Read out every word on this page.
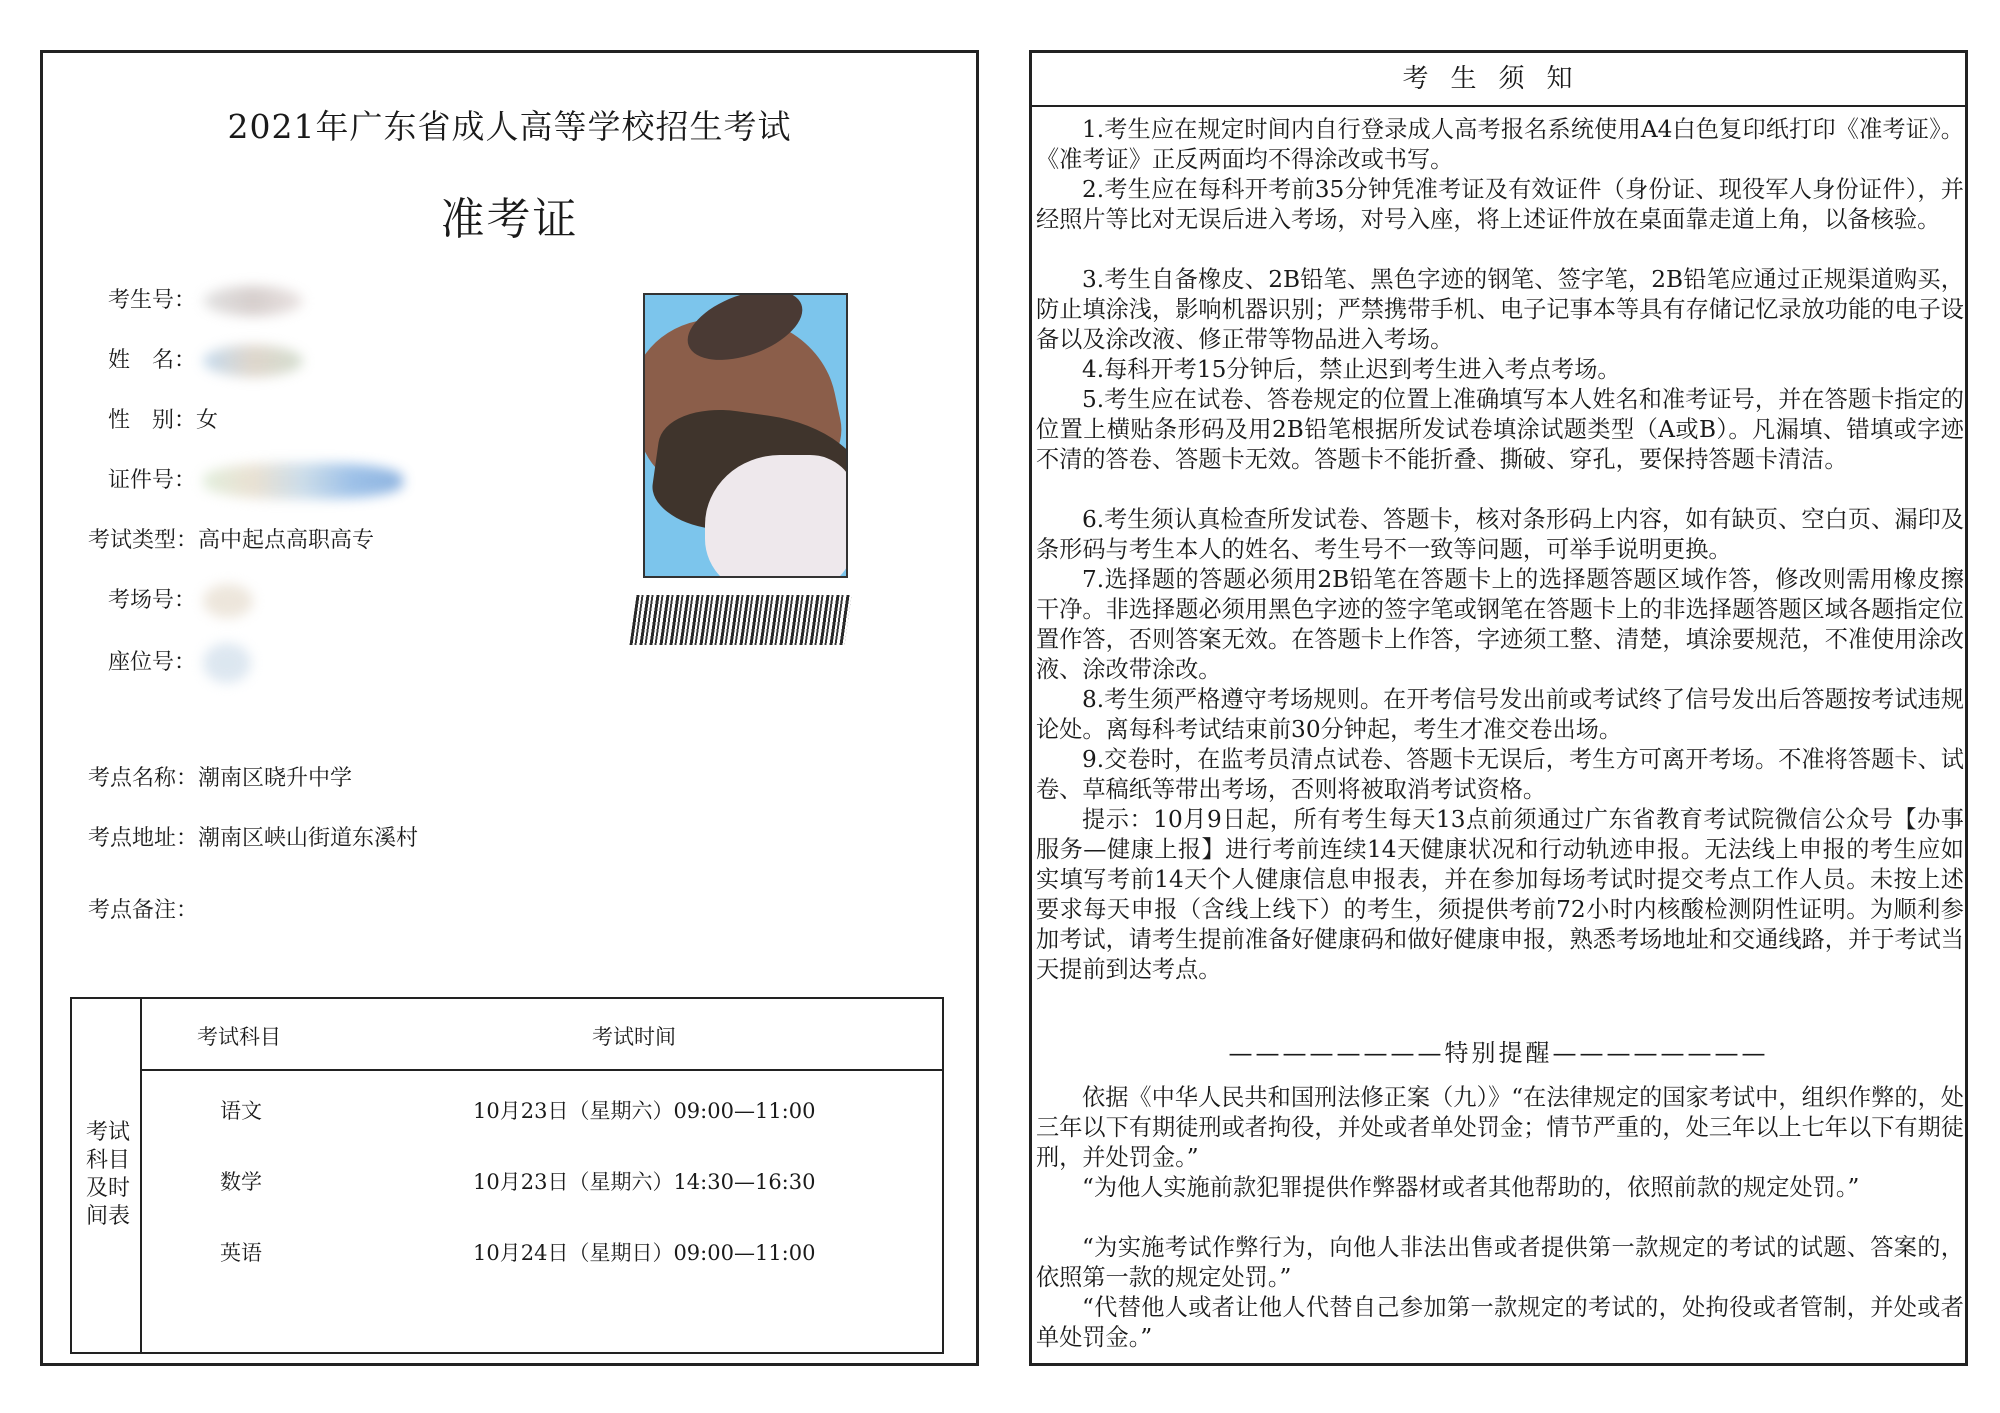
2021年广东省成人高等学校招生考试
准考证
考生号：
姓　名：
性　别：女
证件号：
考试类型：高中起点高职高专
考场号：
座位号：
考点名称：潮南区晓升中学
考点地址：潮南区峡山街道东溪村
考点备注：
考试科目及时间表
考试科目	考试时间
语文	10月23日（星期六）09:00—11:00
数学	10月23日（星期六）14:30—16:30
英语	10月24日（星期日）09:00—11:00
考生须知
1.考生应在规定时间内自行登录成人高考报名系统使用A4白色复印纸打印《准考证》。《准考证》正反两面均不得涂改或书写。
2.考生应在每科开考前35分钟凭准考证及有效证件（身份证、现役军人身份证件），并经照片等比对无误后进入考场，对号入座，将上述证件放在桌面靠走道上角，以备核验。
3.考生自备橡皮、2B铅笔、黑色字迹的钢笔、签字笔，2B铅笔应通过正规渠道购买，防止填涂浅，影响机器识别；严禁携带手机、电子记事本等具有存储记忆录放功能的电子设备以及涂改液、修正带等物品进入考场。
4.每科开考15分钟后，禁止迟到考生进入考点考场。
5.考生应在试卷、答卷规定的位置上准确填写本人姓名和准考证号，并在答题卡指定的位置上横贴条形码及用2B铅笔根据所发试卷填涂试题类型（A或B）。凡漏填、错填或字迹不清的答卷、答题卡无效。答题卡不能折叠、撕破、穿孔，要保持答题卡清洁。
6.考生须认真检查所发试卷、答题卡，核对条形码上内容，如有缺页、空白页、漏印及条形码与考生本人的姓名、考生号不一致等问题，可举手说明更换。
7.选择题的答题必须用2B铅笔在答题卡上的选择题答题区域作答，修改则需用橡皮擦干净。非选择题必须用黑色字迹的签字笔或钢笔在答题卡上的非选择题答题区域各题指定位置作答，否则答案无效。在答题卡上作答，字迹须工整、清楚，填涂要规范，不准使用涂改液、涂改带涂改。
8.考生须严格遵守考场规则。在开考信号发出前或考试终了信号发出后答题按考试违规论处。离每科考试结束前30分钟起，考生才准交卷出场。
9.交卷时，在监考员清点试卷、答题卡无误后，考生方可离开考场。不准将答题卡、试卷、草稿纸等带出考场，否则将被取消考试资格。
提示：10月9日起，所有考生每天13点前须通过广东省教育考试院微信公众号【办事服务—健康上报】进行考前连续14天健康状况和行动轨迹申报。无法线上申报的考生应如实填写考前14天个人健康信息申报表，并在参加每场考试时提交考点工作人员。未按上述要求每天申报（含线上线下）的考生，须提供考前72小时内核酸检测阴性证明。为顺利参加考试，请考生提前准备好健康码和做好健康申报，熟悉考场地址和交通线路，并于考试当天提前到达考点。
————————特别提醒————————
依据《中华人民共和国刑法修正案（九）》“在法律规定的国家考试中，组织作弊的，处三年以下有期徒刑或者拘役，并处或者单处罚金；情节严重的，处三年以上七年以下有期徒刑，并处罚金。”
“为他人实施前款犯罪提供作弊器材或者其他帮助的，依照前款的规定处罚。”
“为实施考试作弊行为，向他人非法出售或者提供第一款规定的考试的试题、答案的，依照第一款的规定处罚。”
“代替他人或者让他人代替自己参加第一款规定的考试的，处拘役或者管制，并处或者单处罚金。”
